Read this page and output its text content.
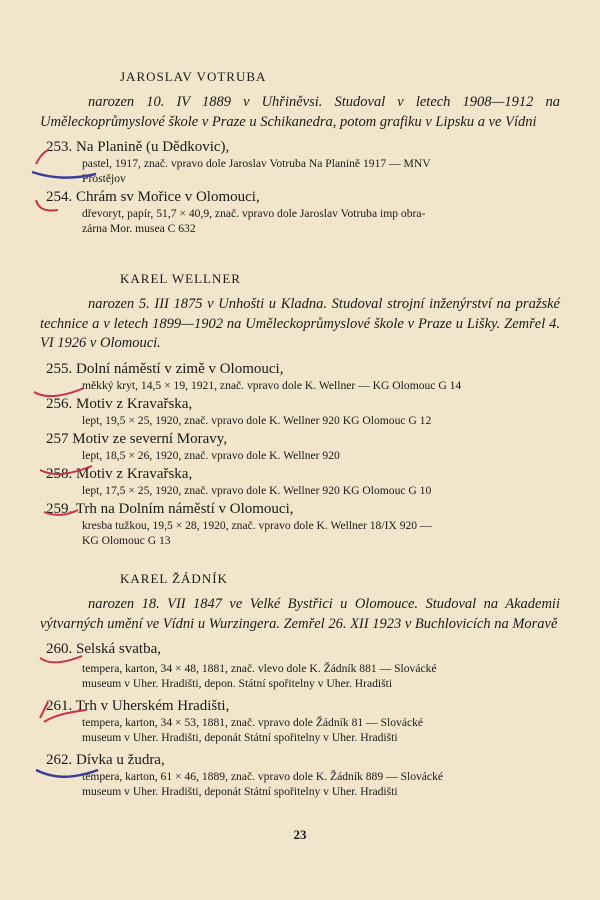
JAROSLAV VOTRUBA
narozen 10. IV 1889 v Uhřiněvsi. Studoval v letech 1908—1912 na Uměleckoprůmyslové škole v Praze u Schikanedra, potom grafiku v Lipsku a ve Vídni
253. Na Planině (u Dědkovic),
pastel, 1917, znač. vpravo dole Jaroslav Votruba Na Planině 1917 — MNV
Prostějov
254. Chrám sv Mořice v Olomouci,
dřevoryt, papír, 51,7 × 40,9, znač. vpravo dole Jaroslav Votruba imp obra-
zárna Mor. musea C 632
KAREL WELLNER
narozen 5. III 1875 v Unhošti u Kladna. Studoval strojní inženýrství na pražské technice a v letech 1899—1902 na Uměleckoprůmyslové škole v Praze u Lišky. Zemřel 4. VI 1926 v Olomouci.
255. Dolní náměstí v zimě v Olomouci,
měkký kryt, 14,5 × 19, 1921, znač. vpravo dole K. Wellner — KG Olomouc G 14
256. Motiv z Kravařska,
lept, 19,5 × 25, 1920, znač. vpravo dole K. Wellner 920 KG Olomouc G 12
257 Motiv ze severní Moravy,
lept, 18,5 × 26, 1920, znač. vpravo dole K. Wellner 920
258. Motiv z Kravařska,
lept, 17,5 × 25, 1920, znač. vpravo dole K. Wellner 920 KG Olomouc G 10
259. Trh na Dolním náměstí v Olomouci,
kresba tužkou, 19,5 × 28, 1920, znač. vpravo dole K. Wellner 18/IX 920 —
KG Olomouc G 13
KAREL ŽÁDNÍK
narozen 18. VII 1847 ve Velké Bystřici u Olomouce. Studoval na Akademii výtvarných umění ve Vídni u Wurzingera. Zemřel 26. XII 1923 v Buchlovicích na Moravě
260. Selská svatba,
tempera, karton, 34 × 48, 1881, znač. vlevo dole K. Žádník 881 — Slovácké
museum v Uher. Hradišti, depon. Státní spořitelny v Uher. Hradišti
261. Trh v Uherském Hradišti,
tempera, karton, 34 × 53, 1881, znač. vpravo dole Žádník 81 — Slovácké
museum v Uher. Hradišti, deponát Státní spořitelny v Uher. Hradišti
262. Dívka u žudra,
tempera, karton, 61 × 46, 1889, znač. vpravo dole K. Žádník 889 — Slovácké
museum v Uher. Hradišti, deponát Státní spořitelny v Uher. Hradišti
23
